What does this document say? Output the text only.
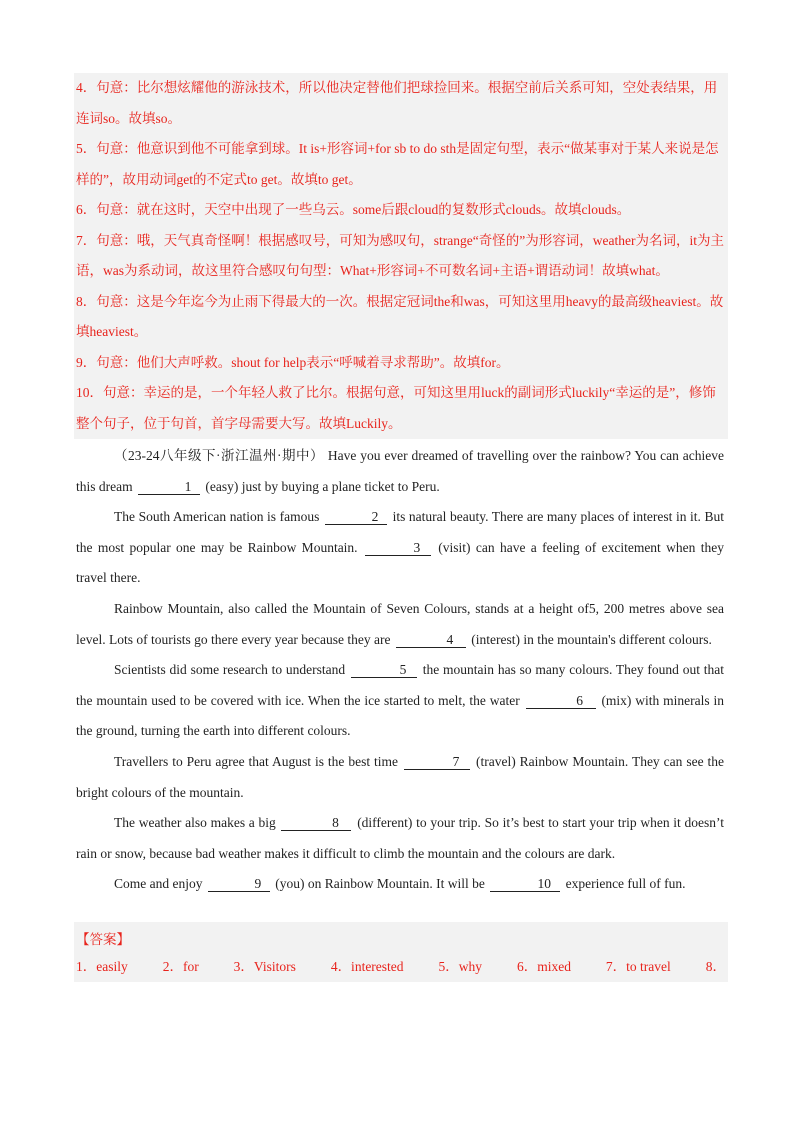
4．句意：比尔想炫耀他的游泳技术，所以他决定替他们把球捡回来。根据空前后关系可知，空处表结果，用连词so。故填so。

5．句意：他意识到他不可能拿到球。It is+形容词+for sb to do sth是固定句型，表示“做某事对于某人来说是怎样的”，故用动词get的不定式to get。故填to get。

6．句意：就在这时，天空中出现了一些乌云。some后跟cloud的复数形式clouds。故填clouds。

7．句意：哦，天气真奇怪啊！根据感叹号，可知为感叹句，strange“奇怪的”为形容词，weather为名词，it为主语，was为系动词，故这里符合感叹句句型：What+形容词+不可数名词+主语+谓语动词！故填what。

8．句意：这是今年迄今为止雨下得最大的一次。根据定冠词the和was，可知这里用heavy的最高级heaviest。故填heaviest。

9．句意：他们大声呼救。shout for help表示“呼喊着寻求帮助”。故填for。

10．句意：幸运的是，一个年轻人救了比尔。根据句意，可知这里用luck的副词形式luckily“幸运的是”，修饰整个句子，位于句首，首字母需要大写。故填Luckily。

（23-24八年级下·浙江温州·期中） Have you ever dreamed of travelling over the rainbow? You can achieve this dream	1 (easy) just by buying a plane ticket to Peru.

The South American nation is famous	2 its natural beauty. There are many places of interest in it. But the most popular one may be Rainbow Mountain.	3 (visit) can have a feeling of excitement when they travel there.

Rainbow Mountain, also called the Mountain of Seven Colours, stands at a height of5, 200 metres above sea level. Lots of tourists go there every year because they are	4 (interest) in the mountain's different colours.

Scientists did some research to understand	5 the mountain has so many colours. They found out that the mountain used to be covered with ice. When the ice started to melt, the water	6 (mix) with minerals in the ground, turning the earth into different colours.

Travellers to Peru agree that August is the best time	7 (travel) Rainbow Mountain. They can see the bright colours of the mountain.

The weather also makes a big	8 (different) to your trip. So it’s best to start your trip when it doesn’t rain or snow, because bad weather makes it difficult to climb the mountain and the colours are dark.

Come and enjoy	9 (you) on Rainbow Mountain. It will be	10 experience full of fun.

【答案】
1．easily	2．for	3．Visitors	4．interested	5．why	6．mixed	7．to travel	8．
